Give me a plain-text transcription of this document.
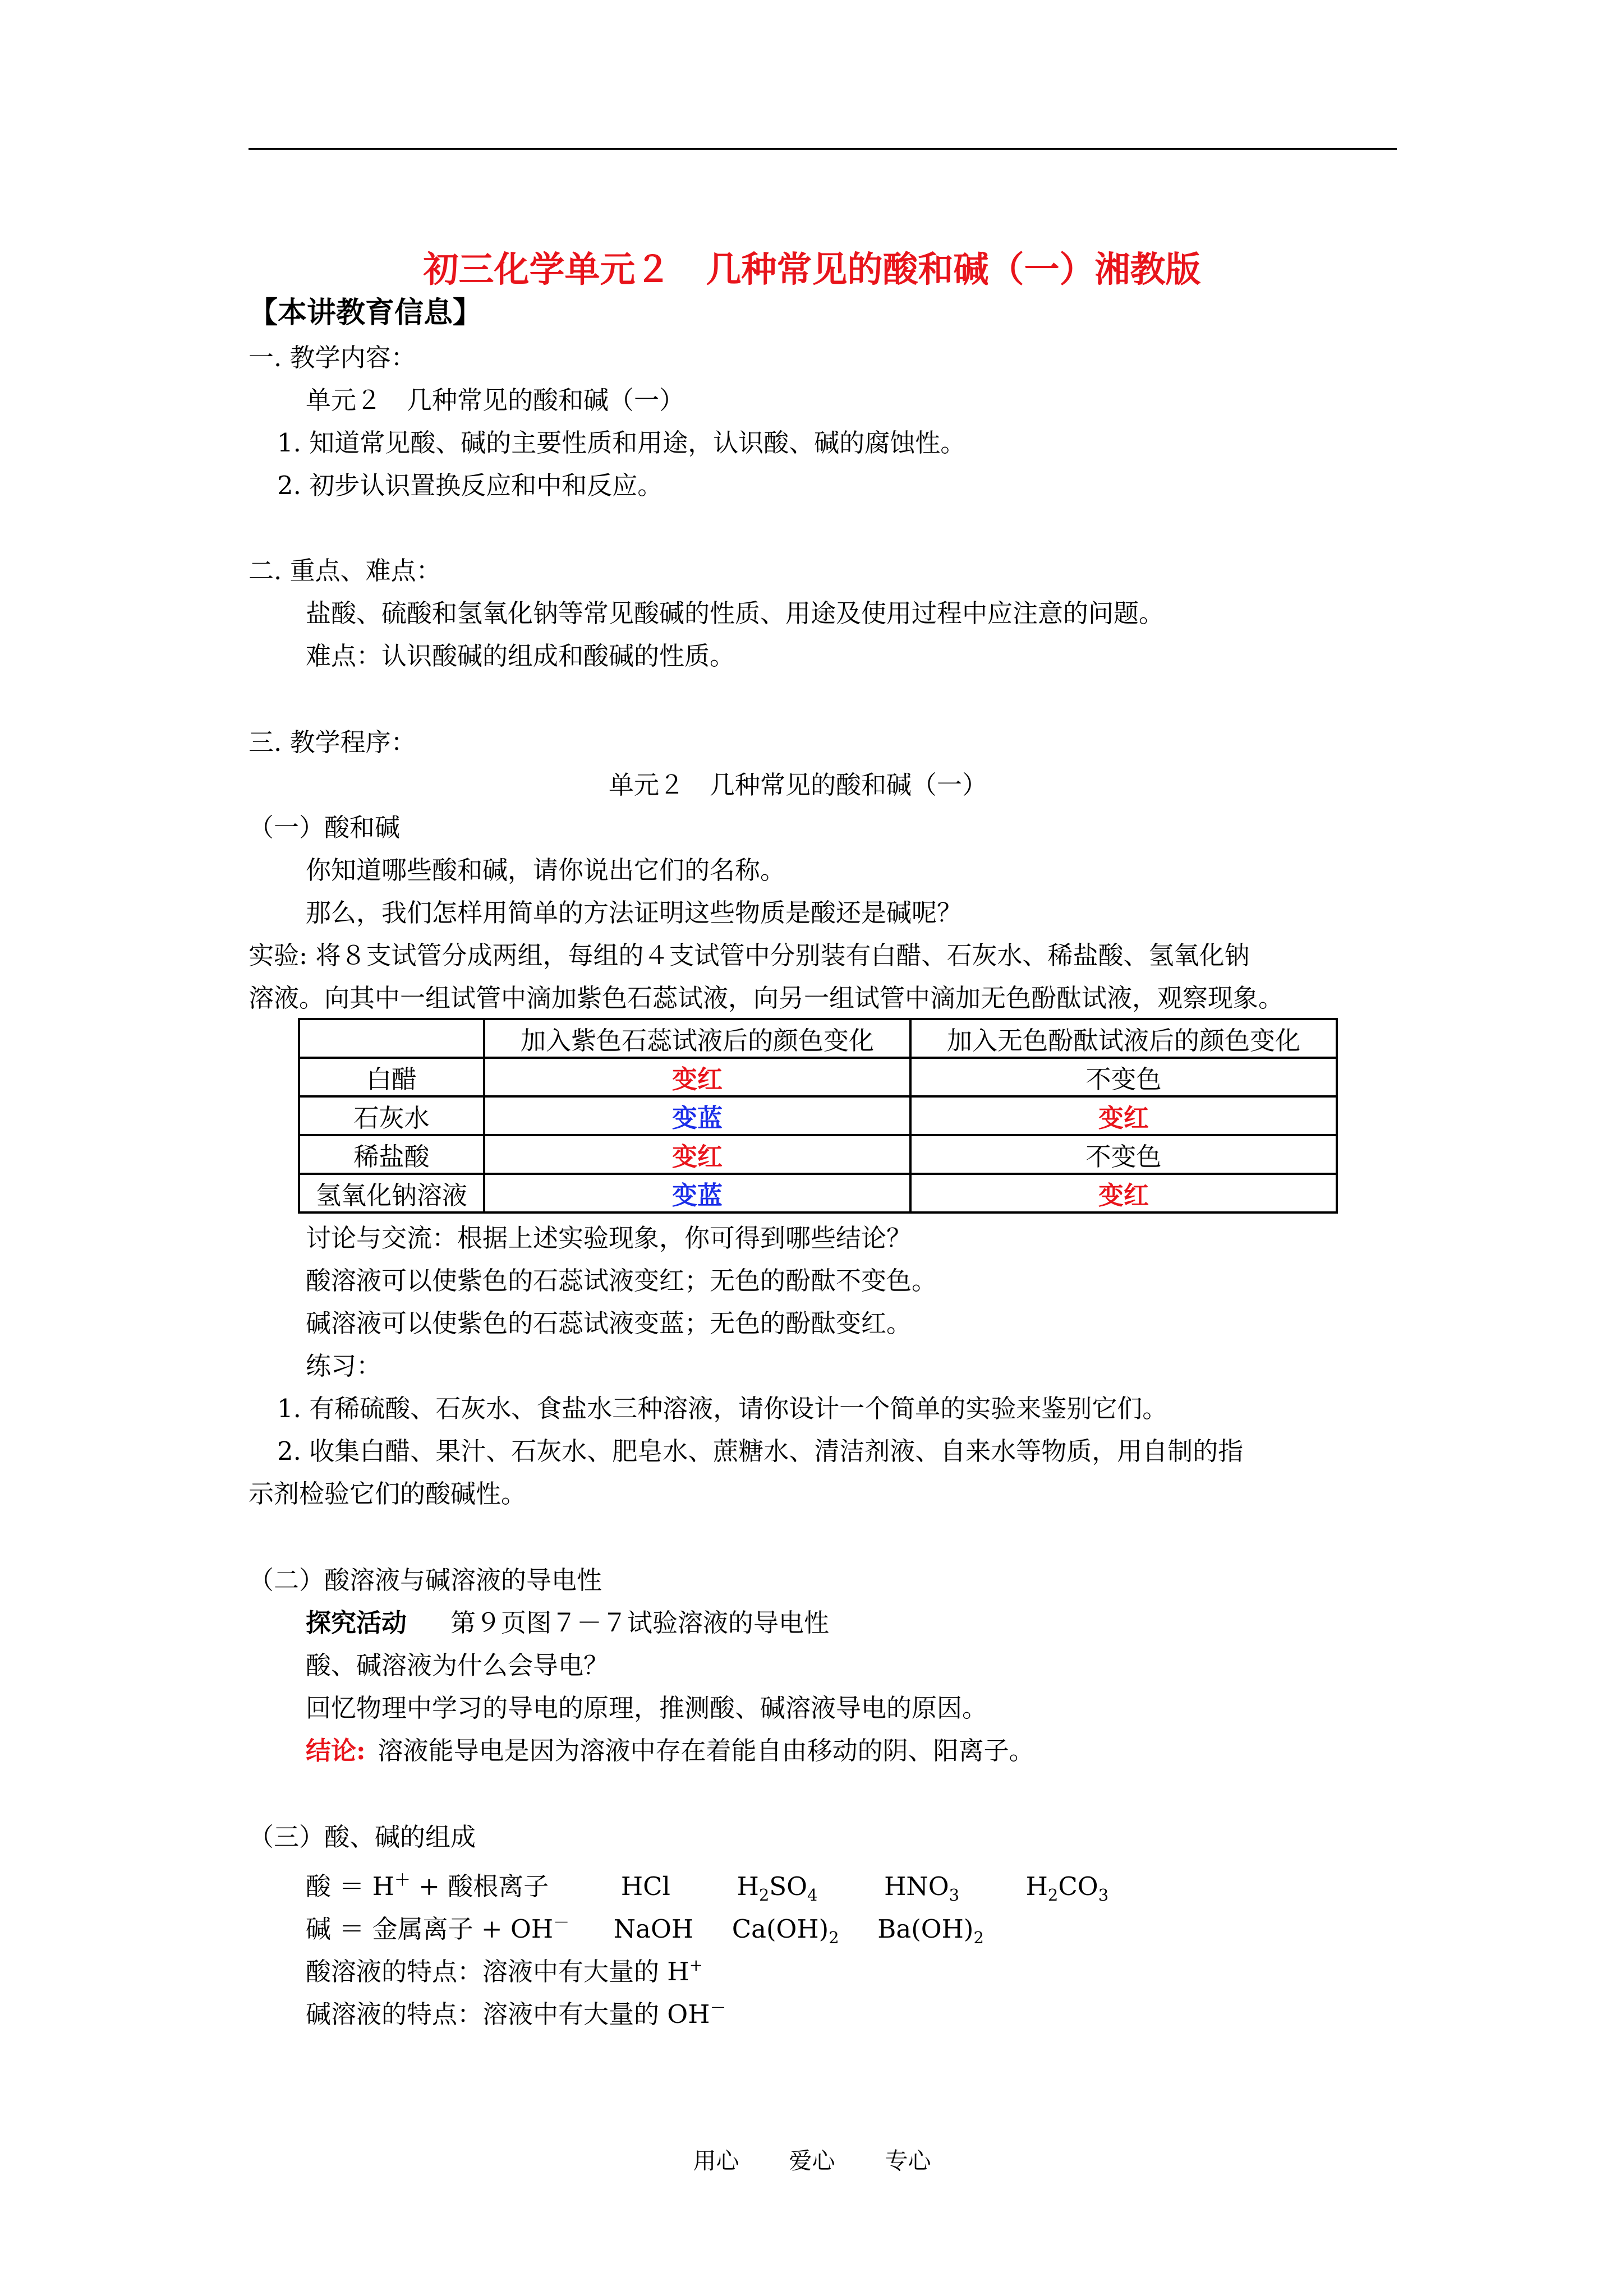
初三化学单元２　几种常见的酸和碱（一）湘教版
【本讲教育信息】
一. 教学内容：
单元２　几种常见的酸和碱（一）
1. 知道常见酸、碱的主要性质和用途，认识酸、碱的腐蚀性。
2. 初步认识置换反应和中和反应。
二. 重点、难点：
盐酸、硫酸和氢氧化钠等常见酸碱的性质、用途及使用过程中应注意的问题。
难点：认识酸碱的组成和酸碱的性质。
三. 教学程序：
单元２　几种常见的酸和碱（一）
（一）酸和碱
你知道哪些酸和碱，请你说出它们的名称。
那么，我们怎样用简单的方法证明这些物质是酸还是碱呢？
实验: 将８支试管分成两组，每组的４支试管中分别装有白醋、石灰水、稀盐酸、氢氧化钠
溶液。向其中一组试管中滴加紫色石蕊试液，向另一组试管中滴加无色酚酞试液，观察现象。
	加入紫色石蕊试液后的颜色变化	加入无色酚酞试液后的颜色变化
白醋	变红	不变色
石灰水	变蓝	变红
稀盐酸	变红	不变色
氢氧化钠溶液	变蓝	变红
讨论与交流：根据上述实验现象，你可得到哪些结论？
酸溶液可以使紫色的石蕊试液变红；无色的酚酞不变色。
碱溶液可以使紫色的石蕊试液变蓝；无色的酚酞变红。
练习：
1. 有稀硫酸、石灰水、食盐水三种溶液，请你设计一个简单的实验来鉴别它们。
2. 收集白醋、果汁、石灰水、肥皂水、蔗糖水、清洁剂液、自来水等物质，用自制的指
示剂检验它们的酸碱性。
（二）酸溶液与碱溶液的导电性
探究活动 第９页图７－７试验溶液的导电性
酸、碱溶液为什么会导电？
回忆物理中学习的导电的原理，推测酸、碱溶液导电的原因。
结论: 溶液能导电是因为溶液中存在着能自由移动的阴、阳离子。
（三）酸、碱的组成
酸 ＝ H＋ + 酸根离子	HCl	$H_2SO_4$	$HNO_3$	$H_2CO_3$
碱 ＝ 金属离子 + OH－ NaOH $Ca(OH)_2$ $Ba(OH)_2$
酸溶液的特点：溶液中有大量的 H+
碱溶液的特点：溶液中有大量的 OH－
用心 爱心 专心
